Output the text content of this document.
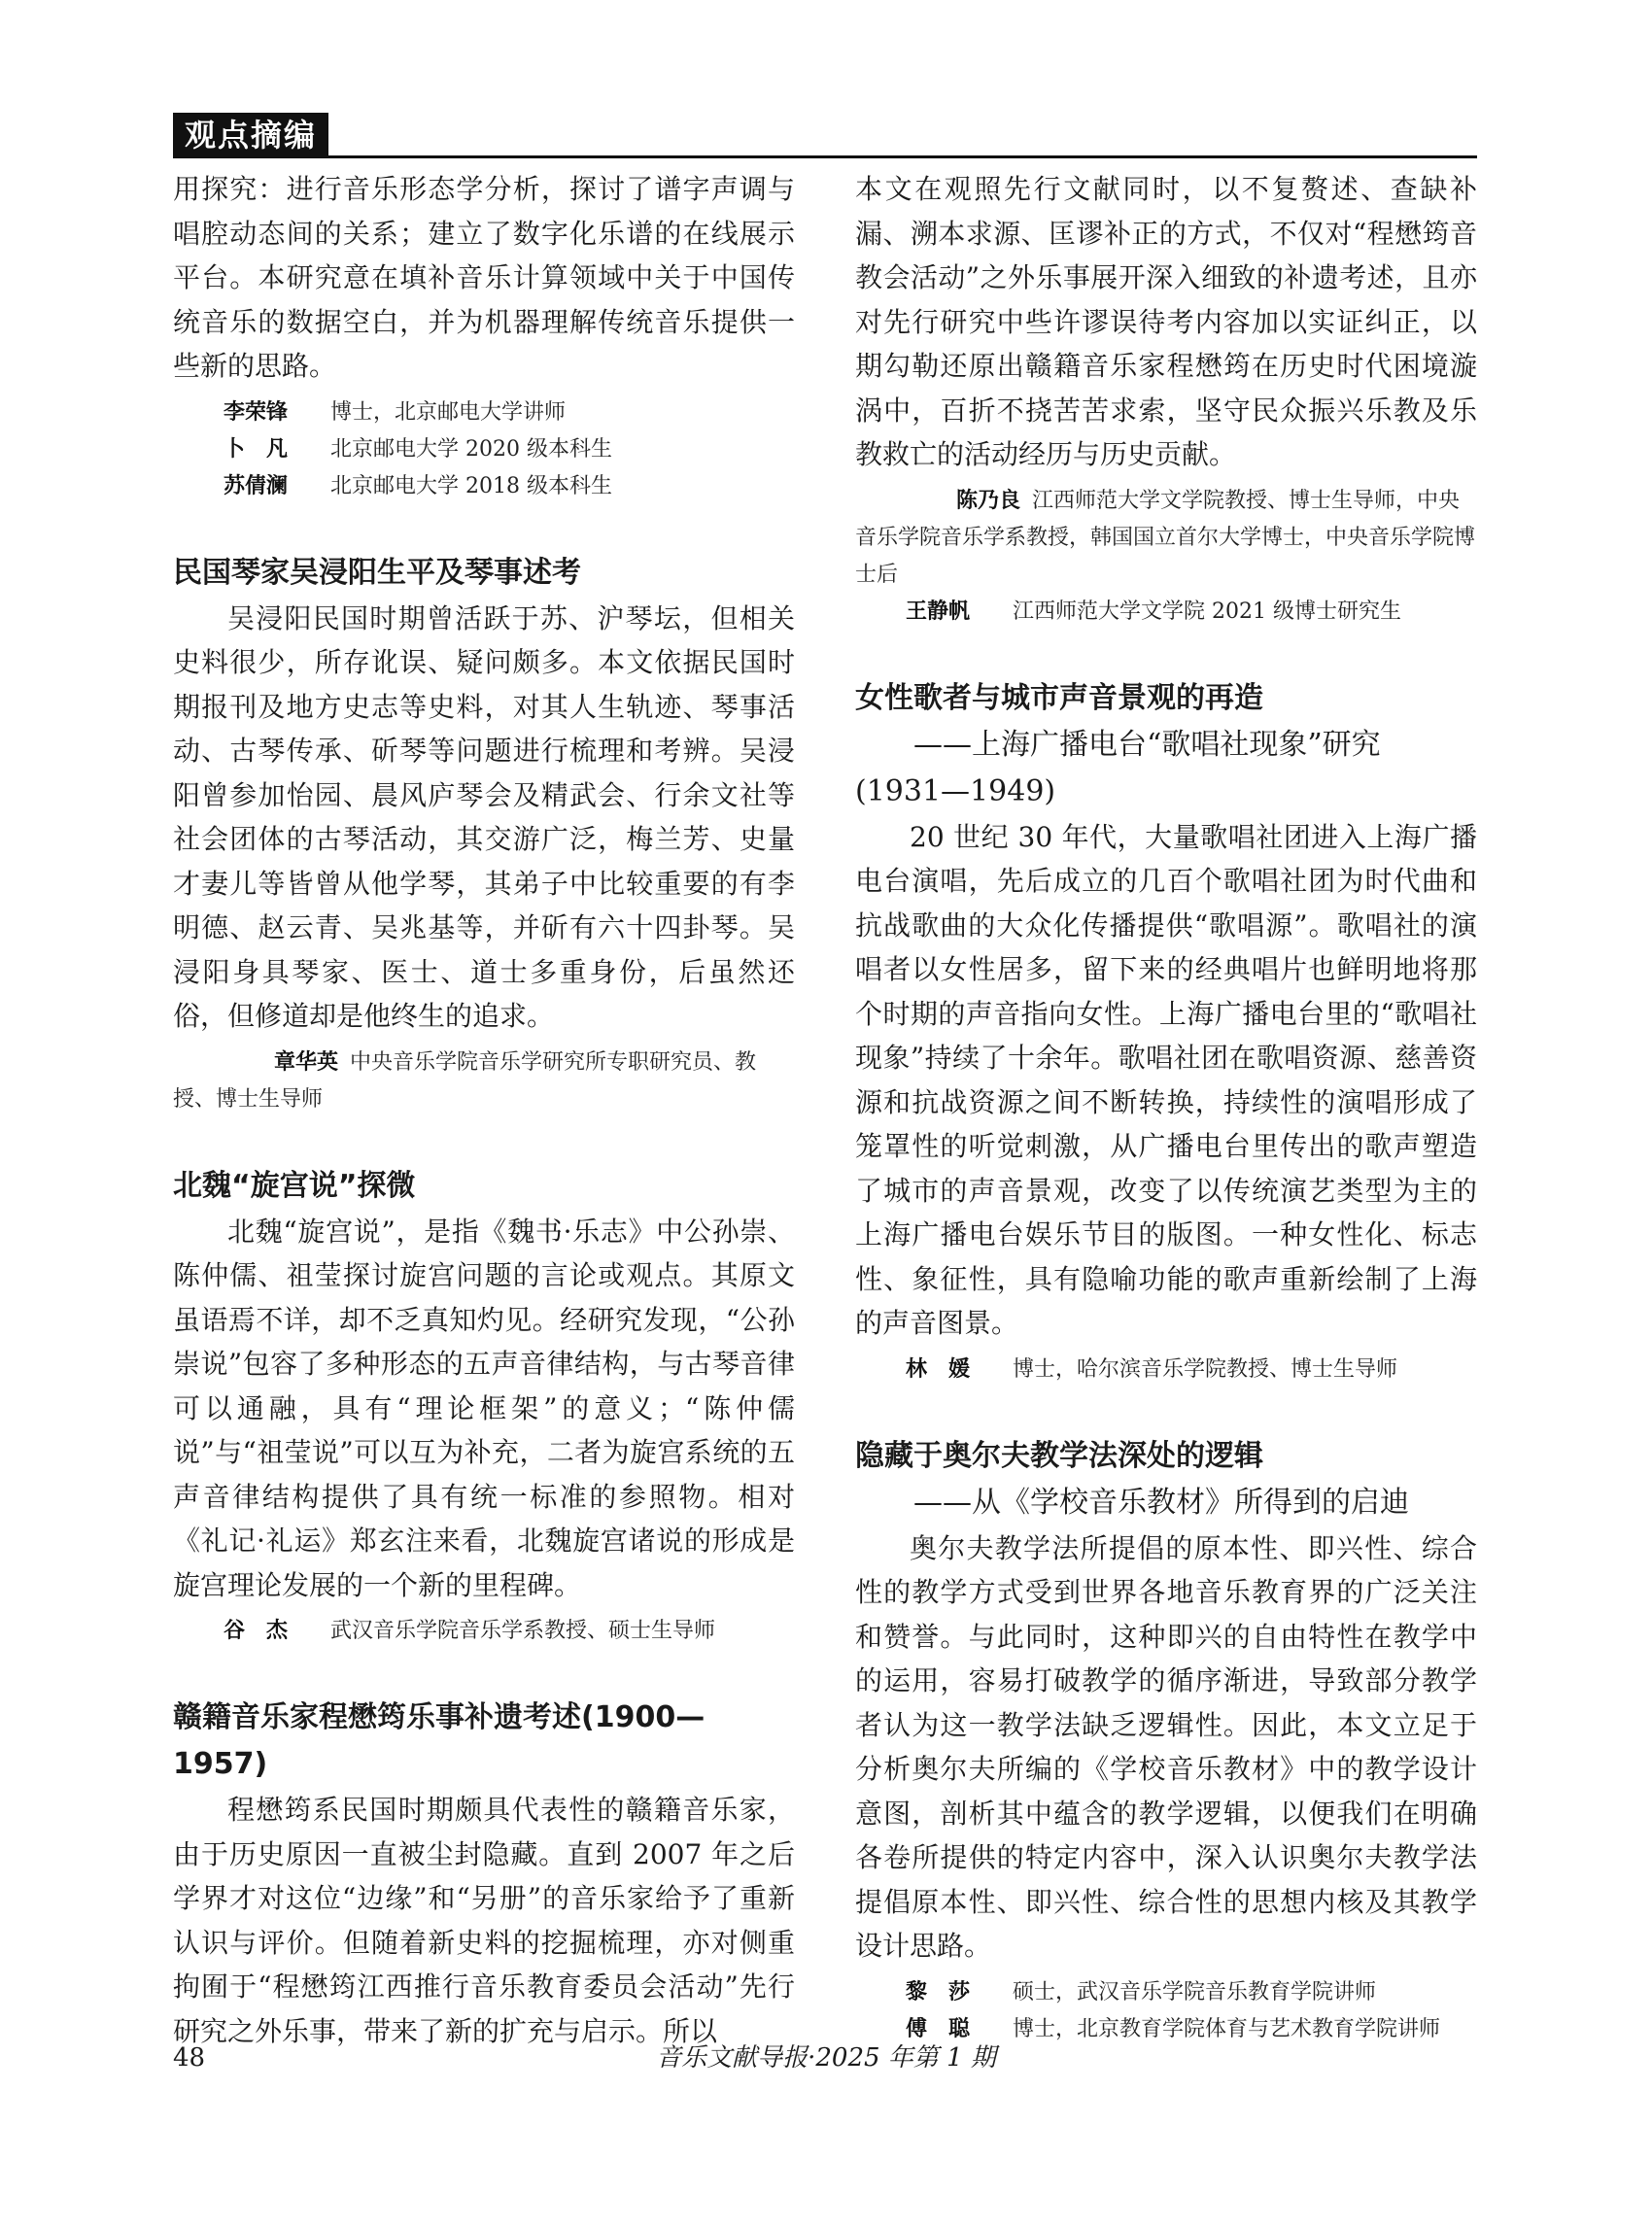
观点摘编

用探究：进行音乐形态学分析，探讨了谱字声调与唱腔动态间的关系；建立了数字化乐谱的在线展示平台。本研究意在填补音乐计算领域中关于中国传统音乐的数据空白，并为机器理解传统音乐提供一些新的思路。

李荣锋 博士，北京邮电大学讲师
卜　凡 北京邮电大学 2020 级本科生
苏倩澜 北京邮电大学 2018 级本科生
民国琴家吴浸阳生平及琴事述考

吴浸阳民国时期曾活跃于苏、沪琴坛，但相关史料很少，所存讹误、疑问颇多。本文依据民国时期报刊及地方史志等史料，对其人生轨迹、琴事活动、古琴传承、斫琴等问题进行梳理和考辨。吴浸阳曾参加怡园、晨风庐琴会及精武会、行余文社等社会团体的古琴活动，其交游广泛，梅兰芳、史量才妻儿等皆曾从他学琴，其弟子中比较重要的有李明德、赵云青、吴兆基等，并斫有六十四卦琴。吴浸阳身具琴家、医士、道士多重身份，后虽然还俗，但修道却是他终生的追求。

章华英 中央音乐学院音乐学研究所专职研究员、教授、博士生导师
北魏“旋宫说”探微

北魏“旋宫说”，是指《魏书·乐志》中公孙崇、陈仲儒、祖莹探讨旋宫问题的言论或观点。其原文虽语焉不详，却不乏真知灼见。经研究发现，“公孙崇说”包容了多种形态的五声音律结构，与古琴音律可以通融，具有“理论框架”的意义；“陈仲儒说”与“祖莹说”可以互为补充，二者为旋宫系统的五声音律结构提供了具有统一标准的参照物。相对《礼记·礼运》郑玄注来看，北魏旋宫诸说的形成是旋宫理论发展的一个新的里程碑。

谷　杰 武汉音乐学院音乐学系教授、硕士生导师
赣籍音乐家程懋筠乐事补遗考述(1900—1957)

程懋筠系民国时期颇具代表性的赣籍音乐家，由于历史原因一直被尘封隐藏。直到 2007 年之后学界才对这位“边缘”和“另册”的音乐家给予了重新认识与评价。但随着新史料的挖掘梳理，亦对侧重拘囿于“程懋筠江西推行音乐教育委员会活动”先行研究之外乐事，带来了新的扩充与启示。所以

本文在观照先行文献同时，以不复赘述、查缺补漏、溯本求源、匡谬补正的方式，不仅对“程懋筠音教会活动”之外乐事展开深入细致的补遗考述，且亦对先行研究中些许谬误待考内容加以实证纠正，以期勾勒还原出赣籍音乐家程懋筠在历史时代困境漩涡中，百折不挠苦苦求索，坚守民众振兴乐教及乐教救亡的活动经历与历史贡献。

陈乃良 江西师范大学文学院教授、博士生导师，中央音乐学院音乐学系教授，韩国国立首尔大学博士，中央音乐学院博士后
王静帆 江西师范大学文学院 2021 级博士研究生
女性歌者与城市声音景观的再造

——上海广播电台“歌唱社现象”研究

(1931—1949)

20 世纪 30 年代，大量歌唱社团进入上海广播电台演唱，先后成立的几百个歌唱社团为时代曲和抗战歌曲的大众化传播提供“歌唱源”。歌唱社的演唱者以女性居多，留下来的经典唱片也鲜明地将那个时期的声音指向女性。上海广播电台里的“歌唱社现象”持续了十余年。歌唱社团在歌唱资源、慈善资源和抗战资源之间不断转换，持续性的演唱形成了笼罩性的听觉刺激，从广播电台里传出的歌声塑造了城市的声音景观，改变了以传统演艺类型为主的上海广播电台娱乐节目的版图。一种女性化、标志性、象征性，具有隐喻功能的歌声重新绘制了上海的声音图景。

林　媛 博士，哈尔滨音乐学院教授、博士生导师
隐藏于奥尔夫教学法深处的逻辑

——从《学校音乐教材》所得到的启迪

奥尔夫教学法所提倡的原本性、即兴性、综合性的教学方式受到世界各地音乐教育界的广泛关注和赞誉。与此同时，这种即兴的自由特性在教学中的运用，容易打破教学的循序渐进，导致部分教学者认为这一教学法缺乏逻辑性。因此，本文立足于分析奥尔夫所编的《学校音乐教材》中的教学设计意图，剖析其中蕴含的教学逻辑，以便我们在明确各卷所提供的特定内容中，深入认识奥尔夫教学法提倡原本性、即兴性、综合性的思想内核及其教学设计思路。

黎　莎 硕士，武汉音乐学院音乐教育学院讲师
傅　聪 博士，北京教育学院体育与艺术教育学院讲师
48	音乐文献导报·2025 年第 1 期
